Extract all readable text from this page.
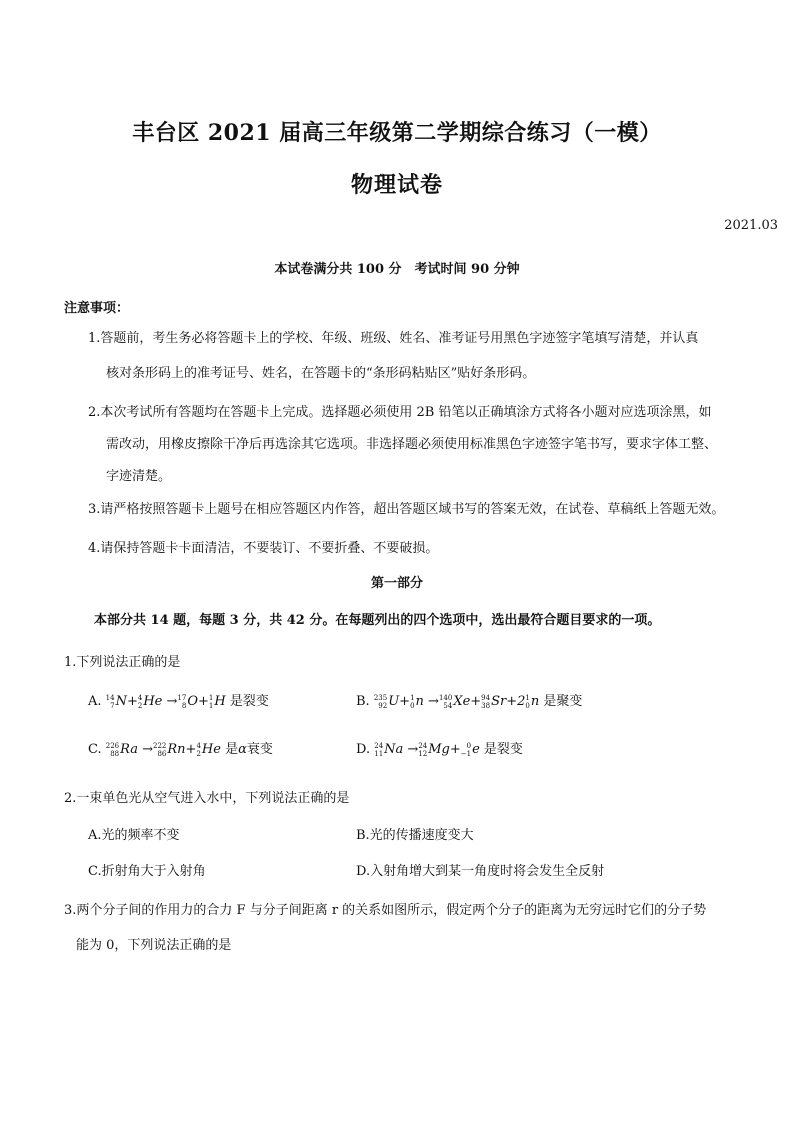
丰台区 2021 届高三年级第二学期综合练习（一模）
物理试卷
2021.03
本试卷满分共 100 分　考试时间 90 分钟
注意事项：
1.答题前，考生务必将答题卡上的学校、年级、班级、姓名、准考证号用黑色字迹签字笔填写清楚，并认真
核对条形码上的准考证号、姓名，在答题卡的“条形码粘贴区”贴好条形码。
2.本次考试所有答题均在答题卡上完成。选择题必须使用 2B 铅笔以正确填涂方式将各小题对应选项涂黑，如
需改动，用橡皮擦除干净后再选涂其它选项。非选择题必须使用标准黑色字迹签字笔书写，要求字体工整、
字迹清楚。
3.请严格按照答题卡上题号在相应答题区内作答，超出答题区域书写的答案无效，在试卷、草稿纸上答题无效。
4.请保持答题卡卡面清洁，不要装订、不要折叠、不要破损。
第一部分
本部分共 14 题，每题 3 分，共 42 分。在每题列出的四个选项中，选出最符合题目要求的一项。
1.下列说法正确的是
A. 14
7 N+ 4
2 He → 17
8 O+ 1
1 H 是裂变	B. 235
92 U+ 1
0 n → 140
54 Xe+ 94
38 Sr+2 1
0 n 是聚变
C. 226
88 Ra → 222
86 Rn+ 4
2 He 是α衰变	D. 24
11 Na → 24
12 Mg+ 0
−1 e 是裂变
2.一束单色光从空气进入水中，下列说法正确的是
A.光的频率不变	B.光的传播速度变大
C.折射角大于入射角	D.入射角增大到某一角度时将会发生全反射
3.两个分子间的作用力的合力 F 与分子间距离 r 的关系如图所示，假定两个分子的距离为无穷远时它们的分子势
能为 0，下列说法正确的是
